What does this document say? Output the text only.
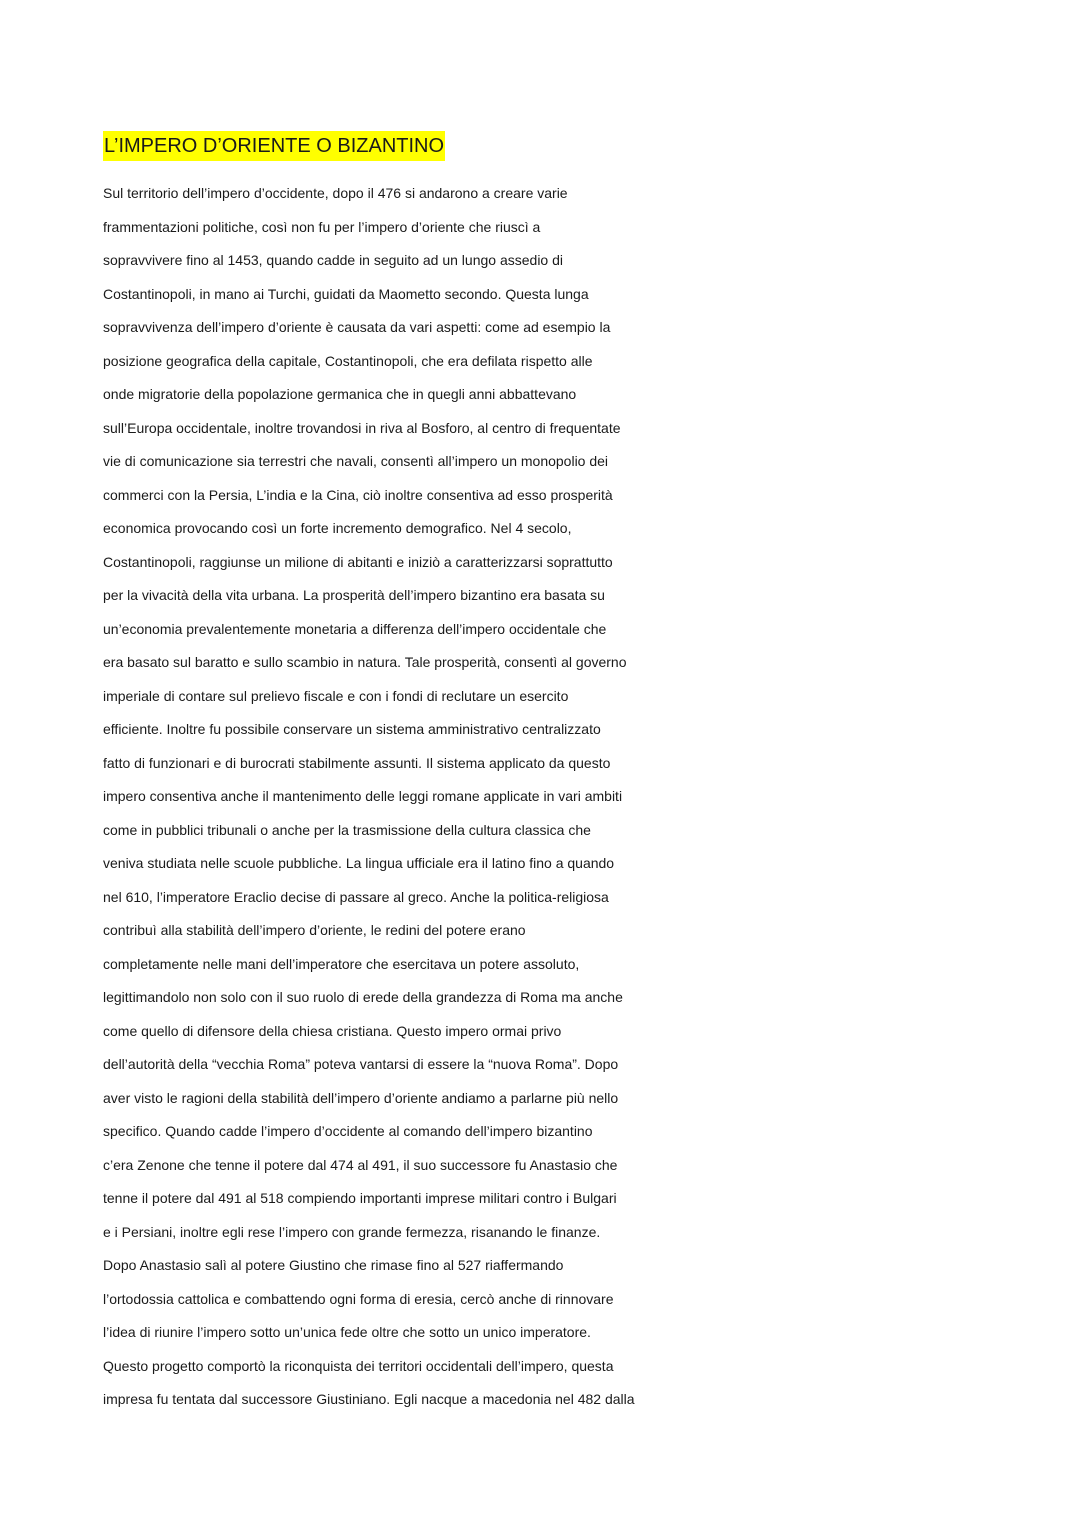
L’IMPERO D’ORIENTE O BIZANTINO
Sul territorio dell’impero d’occidente, dopo il 476 si andarono a creare varie
frammentazioni politiche, così non fu per l’impero d’oriente che riuscì a
sopravvivere fino al 1453, quando cadde in seguito ad un lungo assedio di
Costantinopoli, in mano ai Turchi, guidati da Maometto secondo. Questa lunga
sopravvivenza dell’impero d’oriente è causata da vari aspetti: come ad esempio la
posizione geografica della capitale, Costantinopoli, che era defilata rispetto alle
onde migratorie della popolazione germanica che in quegli anni abbattevano
sull’Europa occidentale, inoltre trovandosi in riva al Bosforo, al centro di frequentate
vie di comunicazione sia terrestri che navali, consentì all’impero un monopolio dei
commerci con la Persia, L’india e la Cina, ciò inoltre consentiva ad esso prosperità
economica provocando così un forte incremento demografico. Nel 4 secolo,
Costantinopoli, raggiunse un milione di abitanti e iniziò a caratterizzarsi soprattutto
per la vivacità della vita urbana. La prosperità dell’impero bizantino era basata su
un’economia prevalentemente monetaria a differenza dell’impero occidentale che
era basato sul baratto e sullo scambio in natura. Tale prosperità, consentì al governo
imperiale di contare sul prelievo fiscale e con i fondi di reclutare un esercito
efficiente. Inoltre fu possibile conservare un sistema amministrativo centralizzato
fatto di funzionari e di burocrati stabilmente assunti. Il sistema applicato da questo
impero consentiva anche il mantenimento delle leggi romane applicate in vari ambiti
come in pubblici tribunali o anche per la trasmissione della cultura classica che
veniva studiata nelle scuole pubbliche. La lingua ufficiale era il latino fino a quando
nel 610, l’imperatore Eraclio decise di passare al greco. Anche la politica-religiosa
contribuì alla stabilità dell’impero d’oriente, le redini del potere erano
completamente nelle mani dell’imperatore che esercitava un potere assoluto,
legittimandolo non solo con il suo ruolo di erede della grandezza di Roma ma anche
come quello di difensore della chiesa cristiana. Questo impero ormai privo
dell’autorità della “vecchia Roma” poteva vantarsi di essere la “nuova Roma”. Dopo
aver visto le ragioni della stabilità dell’impero d’oriente andiamo a parlarne più nello
specifico. Quando cadde l’impero d’occidente al comando dell’impero bizantino
c’era Zenone che tenne il potere dal 474 al 491, il suo successore fu Anastasio che
tenne il potere dal 491 al 518 compiendo importanti imprese militari contro i Bulgari
e i Persiani, inoltre egli rese l’impero con grande fermezza, risanando le finanze.
Dopo Anastasio salì al potere Giustino che rimase fino al 527 riaffermando
l’ortodossia cattolica e combattendo ogni forma di eresia, cercò anche di rinnovare
l’idea di riunire l’impero sotto un’unica fede oltre che sotto un unico imperatore.
Questo progetto comportò la riconquista dei territori occidentali dell’impero, questa
impresa fu tentata dal successore Giustiniano. Egli nacque a macedonia nel 482 dalla
